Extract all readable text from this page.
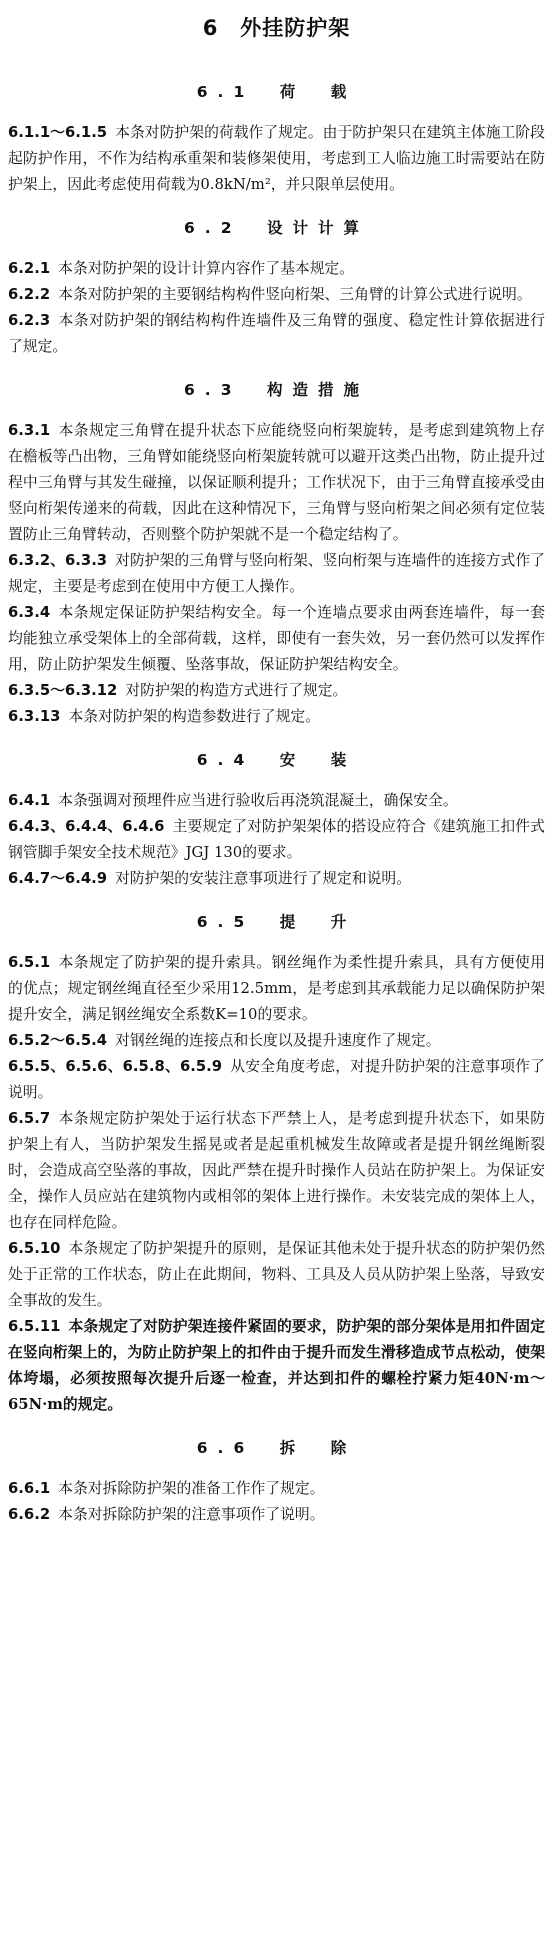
6　外挂防护架
6.1　荷　载

6.1.1～6.1.5 本条对防护架的荷载作了规定。由于防护架只在建筑主体施工阶段起防护作用，不作为结构承重架和装修架使用，考虑到工人临边施工时需要站在防护架上，因此考虑使用荷载为0.8kN/m²，并只限单层使用。

6.2　设计计算

6.2.1 本条对防护架的设计计算内容作了基本规定。

6.2.2 本条对防护架的主要钢结构构件竖向桁架、三角臂的计算公式进行说明。

6.2.3 本条对防护架的钢结构构件连墙件及三角臂的强度、稳定性计算依据进行了规定。

6.3　构造措施

6.3.1 本条规定三角臂在提升状态下应能绕竖向桁架旋转，是考虑到建筑物上存在檐板等凸出物，三角臂如能绕竖向桁架旋转就可以避开这类凸出物，防止提升过程中三角臂与其发生碰撞，以保证顺利提升；工作状况下，由于三角臂直接承受由竖向桁架传递来的荷载，因此在这种情况下，三角臂与竖向桁架之间必须有定位装置防止三角臂转动，否则整个防护架就不是一个稳定结构了。

6.3.2、6.3.3 对防护架的三角臂与竖向桁架、竖向桁架与连墙件的连接方式作了规定，主要是考虑到在使用中方便工人操作。

6.3.4 本条规定保证防护架结构安全。每一个连墙点要求由两套连墙件，每一套均能独立承受架体上的全部荷载，这样，即使有一套失效，另一套仍然可以发挥作用，防止防护架发生倾覆、坠落事故，保证防护架结构安全。

6.3.5～6.3.12 对防护架的构造方式进行了规定。

6.3.13 本条对防护架的构造参数进行了规定。

6.4　安　装

6.4.1 本条强调对预埋件应当进行验收后再浇筑混凝土，确保安全。

6.4.3、6.4.4、6.4.6 主要规定了对防护架架体的搭设应符合《建筑施工扣件式钢管脚手架安全技术规范》JGJ 130的要求。

6.4.7～6.4.9 对防护架的安装注意事项进行了规定和说明。

6.5　提　升

6.5.1 本条规定了防护架的提升索具。钢丝绳作为柔性提升索具，具有方便使用的优点；规定钢丝绳直径至少采用12.5mm，是考虑到其承载能力足以确保防护架提升安全，满足钢丝绳安全系数K=10的要求。

6.5.2～6.5.4 对钢丝绳的连接点和长度以及提升速度作了规定。

6.5.5、6.5.6、6.5.8、6.5.9 从安全角度考虑，对提升防护架的注意事项作了说明。

6.5.7 本条规定防护架处于运行状态下严禁上人，是考虑到提升状态下，如果防护架上有人，当防护架发生摇晃或者是起重机械发生故障或者是提升钢丝绳断裂时，会造成高空坠落的事故，因此严禁在提升时操作人员站在防护架上。为保证安全，操作人员应站在建筑物内或相邻的架体上进行操作。未安装完成的架体上人，也存在同样危险。

6.5.10 本条规定了防护架提升的原则，是保证其他未处于提升状态的防护架仍然处于正常的工作状态，防止在此期间，物料、工具及人员从防护架上坠落，导致安全事故的发生。

6.5.11 本条规定了对防护架连接件紧固的要求，防护架的部分架体是用扣件固定在竖向桁架上的，为防止防护架上的扣件由于提升而发生滑移造成节点松动，使架体垮塌，必须按照每次提升后逐一检查，并达到扣件的螺栓拧紧力矩40N·m～65N·m的规定。

6.6　拆　除

6.6.1 本条对拆除防护架的准备工作作了规定。

6.6.2 本条对拆除防护架的注意事项作了说明。
